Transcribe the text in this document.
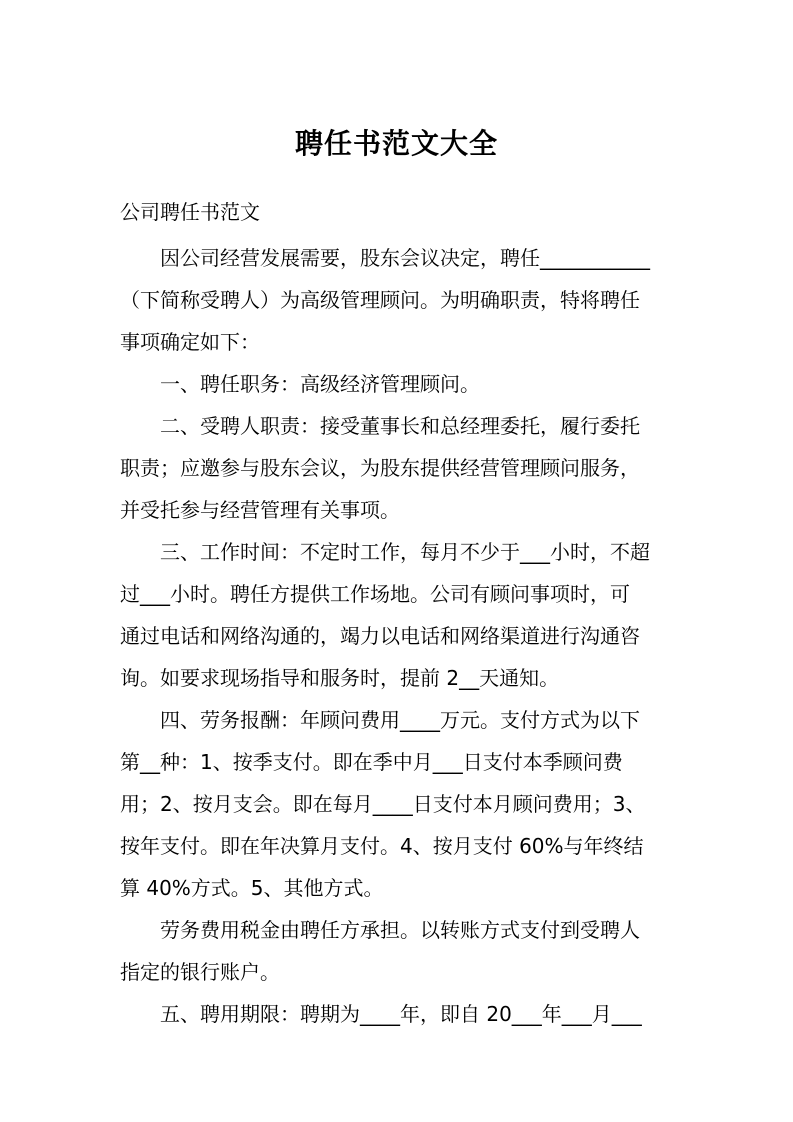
聘任书范文大全
公司聘任书范文
因公司经营发展需要，股东会议决定，聘任___________
（下简称受聘人）为高级管理顾问。为明确职责，特将聘任
事项确定如下：
一、聘任职务：高级经济管理顾问。
二、受聘人职责：接受董事长和总经理委托，履行委托
职责；应邀参与股东会议，为股东提供经营管理顾问服务，
并受托参与经营管理有关事项。
三、工作时间：不定时工作，每月不少于___小时，不超
过___小时。聘任方提供工作场地。公司有顾问事项时，可
通过电话和网络沟通的，竭力以电话和网络渠道进行沟通咨
询。如要求现场指导和服务时，提前 2__天通知。
四、劳务报酬：年顾问费用____万元。支付方式为以下
第__种：1、按季支付。即在季中月___日支付本季顾问费
用；2、按月支会。即在每月____日支付本月顾问费用；3、
按年支付。即在年决算月支付。4、按月支付 60%与年终结
算 40%方式。5、其他方式。
劳务费用税金由聘任方承担。以转账方式支付到受聘人
指定的银行账户。
五、聘用期限：聘期为____年，即自 20___年___月___
